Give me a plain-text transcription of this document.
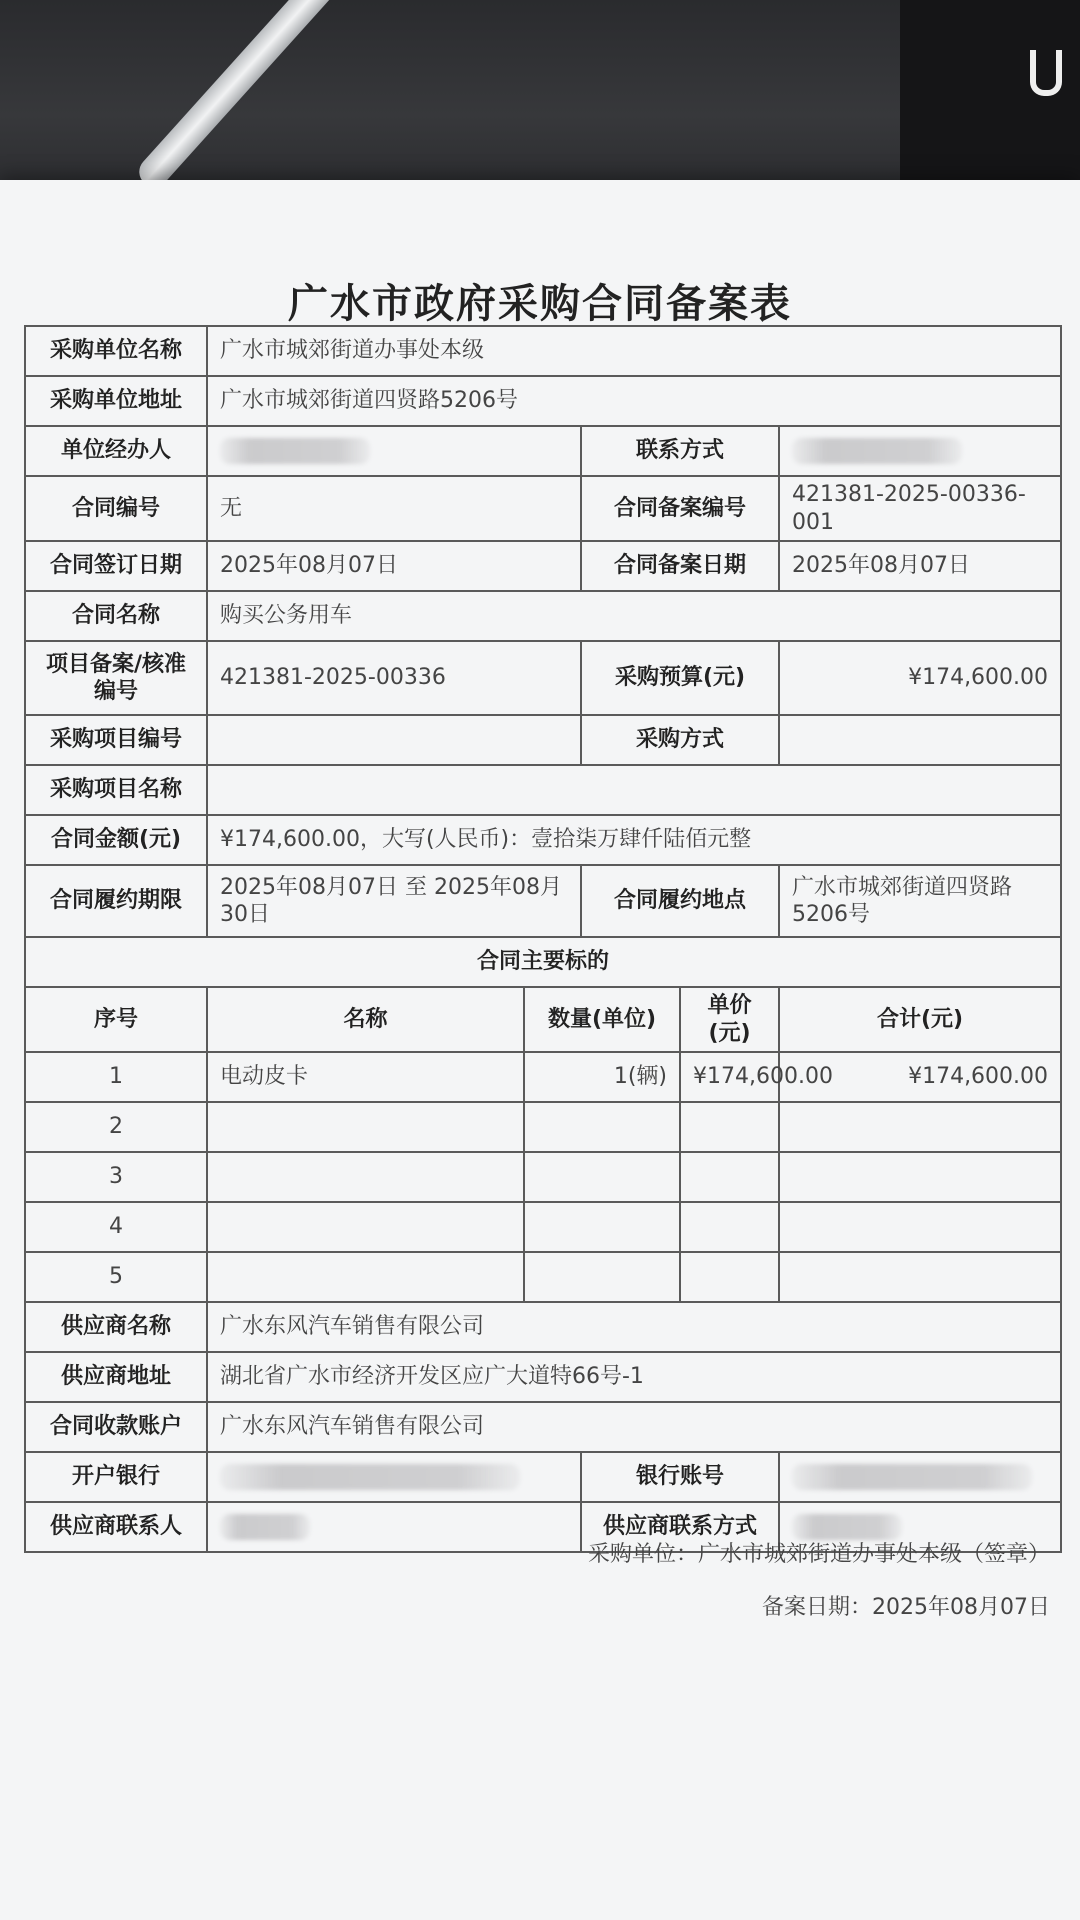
广水市政府采购合同备案表
采购单位名称	广水市城郊街道办事处本级				
采购单位地址	广水市城郊街道四贤路5206号				
单位经办人			联系方式		
合同编号	无		合同备案编号		421381-2025-00336-001
合同签订日期	2025年08月07日		合同备案日期		2025年08月07日
合同名称	购买公务用车				
项目备案/核准编号	421381-2025-00336		采购预算(元)		¥174,600.00
采购项目编号			采购方式		
采购项目名称					
合同金额(元)	¥174,600.00，大写(人民币)：壹拾柒万肆仟陆佰元整				
合同履约期限	2025年08月07日 至 2025年08月30日		合同履约地点		广水市城郊街道四贤路5206号
合同主要标的					
序号	名称	数量(单位)		单价(元)	合计(元)
1	电动皮卡	1(辆)		¥174,600.00	¥174,600.00
2					
3					
4					
5					
供应商名称	广水东风汽车销售有限公司				
供应商地址	湖北省广水市经济开发区应广大道特66号-1				
合同收款账户	广水东风汽车销售有限公司				
开户银行			银行账号		
供应商联系人			供应商联系方式		
采购单位：广水市城郊街道办事处本级（签章）
备案日期：2025年08月07日
